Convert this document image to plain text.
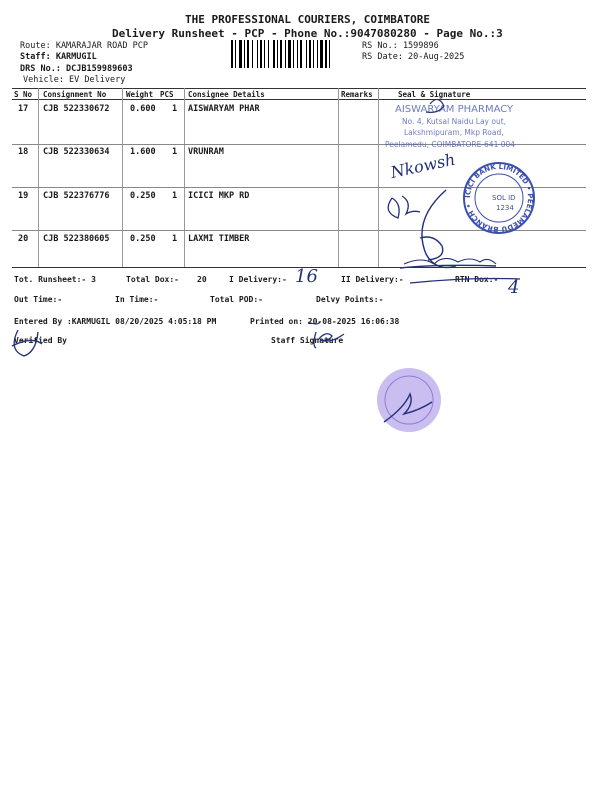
THE PROFESSIONAL COURIERS, COIMBATORE
Delivery Runsheet - PCP - Phone No.:9047080280 - Page No.:3
Route: KAMARAJAR ROAD PCP
Staff: KARMUGIL
DRS No.: DCJB159989603
Vehicle: EV Delivery
RS No.: 1599896
RS Date: 20-Aug-2025
S No Consignment No	Weight PCS Consignee Details	Remarks	Seal & Signature
17 CJB 522330672 0.600 1 AISWARYAM PHAR
18 CJB 522330634 1.600 1 VRUNRAM
19 CJB 522376776 0.250 1 ICICI MKP RD
20 CJB 522380605 0.250 1 LAXMI TIMBER
Tot. Runsheet:- 3	Total Dox:- 20	I Delivery:- 16	II Delivery:-	RTN Dox:- 4
Out Time:-	In Time:-	Total POD:-	Delvy Points:-
Entered By :KARMUGIL 08/20/2025 4:05:18 PM	Printed on: 20-08-2025 16:06:38
Verified By	Staff Signature
AISWARYAM PHARMACY
No. 4, Kutsal Naidu Lay out,
Lakshmipuram, Mkp Road,
Peelamedu, COIMBATORE-641 004
Nkowsh
ICICI BANK LIMITED • PEELAMEDU BRANCH •
SOL ID
1234
